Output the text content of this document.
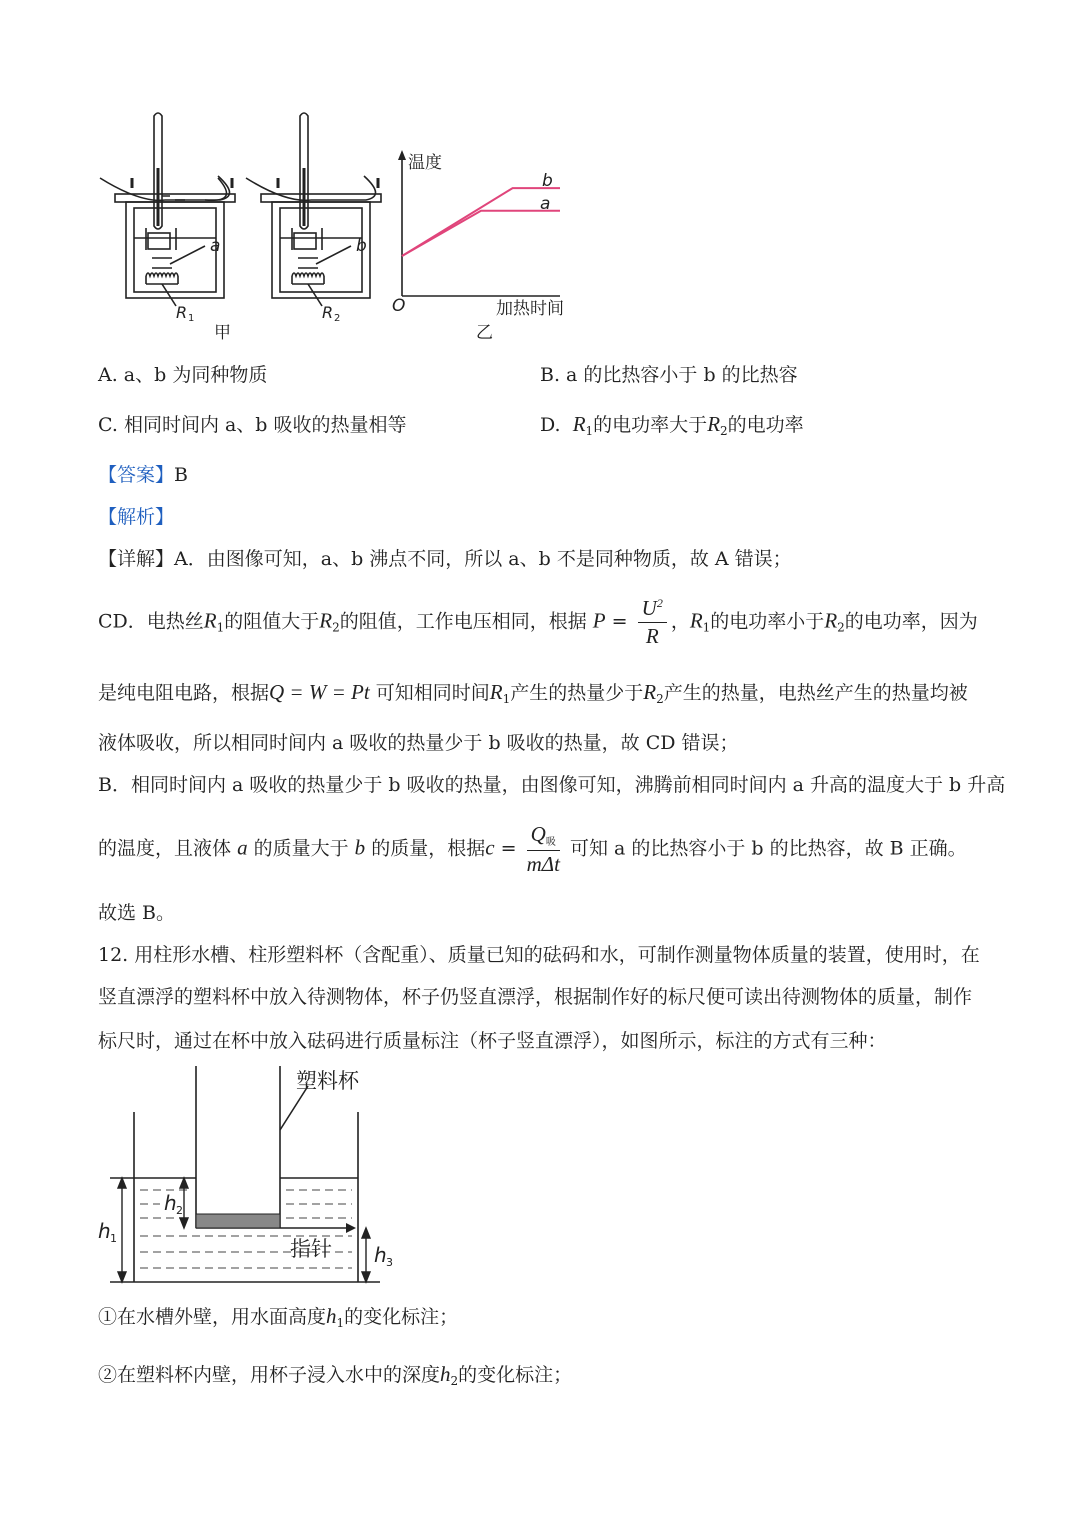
a
R 1
甲
b
R 2
温度
O	加热时间
b
a
乙
A. a、b 为同种物质	B. a 的比热容小于 b 的比热容
C. 相同时间内 a、b 吸收的热量相等	D. $R_1$的电功率大于$R_2$的电功率
【答案】B
【解析】
【详解】A．由图像可知，a、b 沸点不同，所以 a、b 不是同种物质，故 A 错误；
CD．电热丝$R_1$的阻值大于$R_2$的阻值，工作电压相同，根据 $P = \frac{U^2}{R}$ ，$R_1$的电功率小于$R_2$的电功率，因为
是纯电阻电路，根据Q = W = Pt 可知相同时间$R_1$产生的热量少于$R_2$产生的热量，电热丝产生的热量均被
液体吸收，所以相同时间内 a 吸收的热量少于 b 吸收的热量，故 CD 错误；
B．相同时间内 a 吸收的热量少于 b 吸收的热量，由图像可知，沸腾前相同时间内 a 升高的温度大于 b 升高
的温度，且液体 a 的质量大于 b 的质量，根据$c = \frac{Q_吸}{\text{mΔt}}$ 可知 a 的比热容小于 b 的比热容，故 B 正确。
故选 B。
12. 用柱形水槽、柱形塑料杯（含配重）、质量已知的砝码和水，可制作测量物体质量的装置，使用时，在
竖直漂浮的塑料杯中放入待测物体，杯子仍竖直漂浮，根据制作好的标尺便可读出待测物体的质量，制作
标尺时，通过在杯中放入砝码进行质量标注（杯子竖直漂浮），如图所示，标注的方式有三种：
塑料杯
指针
h 1
h 2
h 3
①在水槽外壁，用水面高度$h_1$的变化标注；
②在塑料杯内壁，用杯子浸入水中的深度$h_2$的变化标注；
